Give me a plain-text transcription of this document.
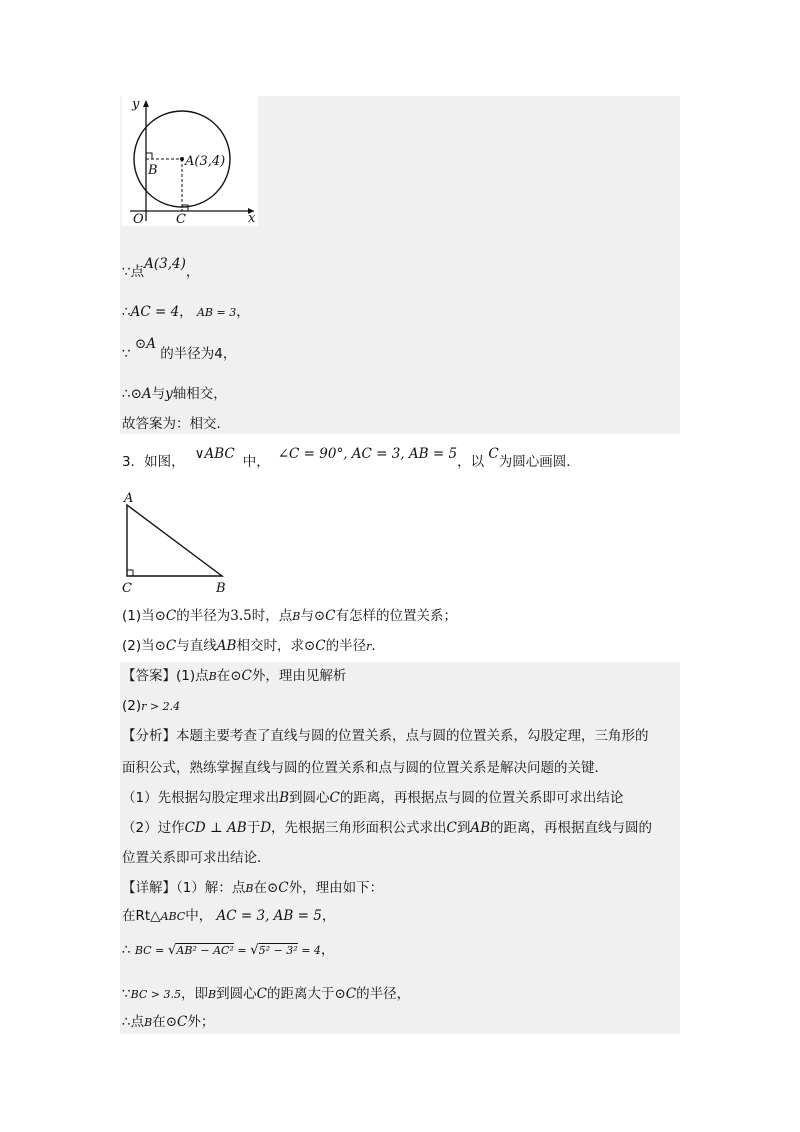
y
x
O
B
C
A(3,4)
∵点A(3,4)，
∴AC = 4， AB = 3，
∵ ⊙A 的半径为4，
∴⊙A与y轴相交，
故答案为：相交．
3．如图， ∨ABC 中， ∠C = 90°, AC = 3, AB = 5，以 C为圆心画圆．
A
C	B
(1)当⊙C的半径为3.5时，点B与⊙C有怎样的位置关系；
(2)当⊙C与直线AB相交时，求⊙C的半径r．
【答案】(1)点B在⊙C外，理由见解析
(2)r > 2.4
【分析】本题主要考查了直线与圆的位置关系，点与圆的位置关系，勾股定理，三角形的
面积公式，熟练掌握直线与圆的位置关系和点与圆的位置关系是解决问题的关键．
（1）先根据勾股定理求出B到圆心C的距离，再根据点与圆的位置关系即可求出结论
（2）过作CD ⊥ AB于D，先根据三角形面积公式求出C到AB的距离，再根据直线与圆的
位置关系即可求出结论．
【详解】（1）解：点B在⊙C外，理由如下：
在Rt△ABC中， AC = 3, AB = 5，
∴ BC = √AB² − AC² = √5² − 3² = 4，
∵BC > 3.5，即B到圆心C的距离大于⊙C的半径，
∴点B在⊙C外；
